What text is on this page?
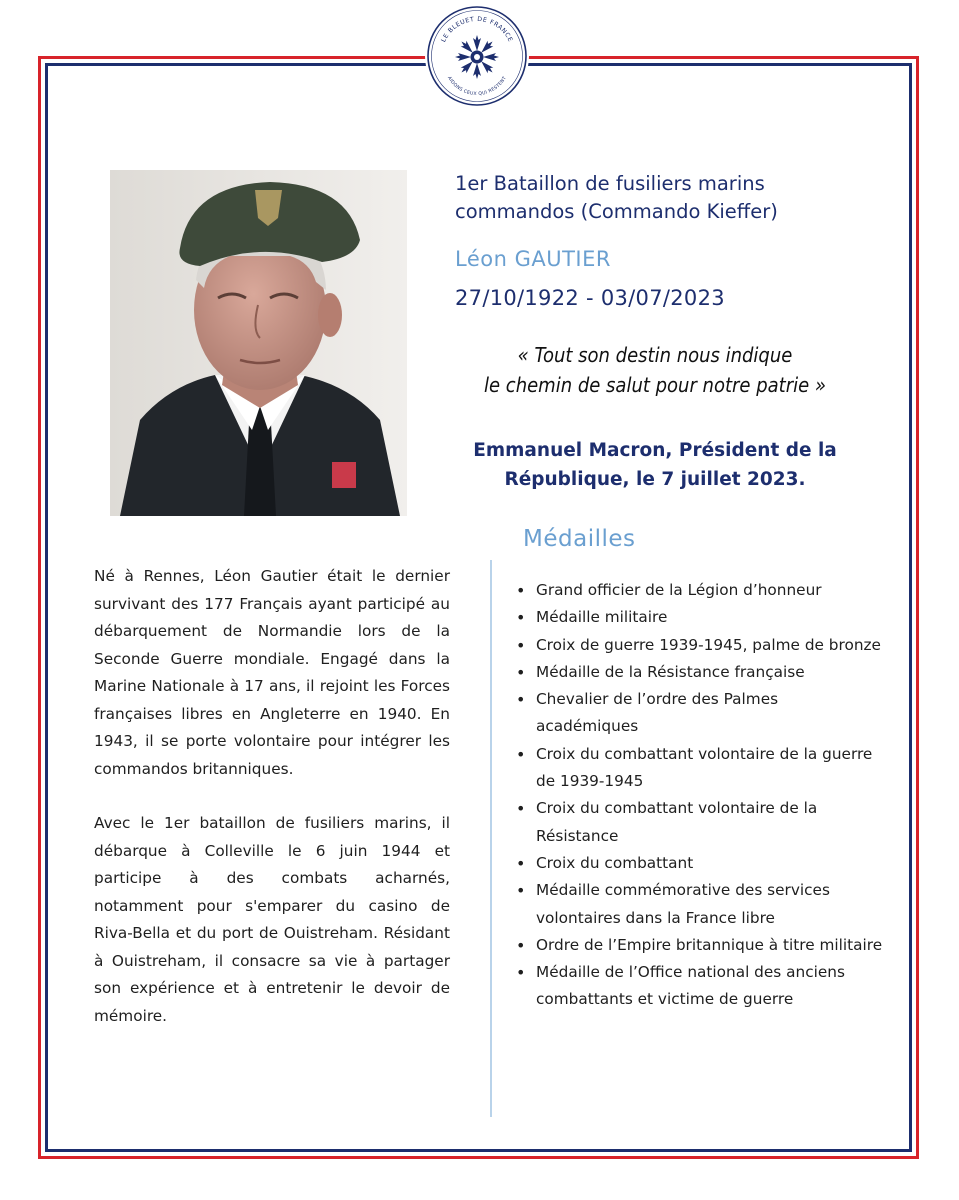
LE BLEUET DE FRANCE
AIDONS CEUX QUI RESTENT
1er Bataillon de fusiliers marins commandos (Commando Kieffer)
Léon GAUTIER
27/10/1922 - 03/07/2023
« Tout son destin nous indique
le chemin de salut pour notre patrie »
Emmanuel Macron, Président de la République, le 7 juillet 2023.

Né à Rennes, Léon Gautier était le dernier survivant des 177 Français ayant participé au débarquement de Normandie lors de la Seconde Guerre mondiale. Engagé dans la Marine Nationale à 17 ans, il rejoint les Forces françaises libres en Angleterre en 1940. En 1943, il se porte volontaire pour intégrer les commandos britanniques.

Avec le 1er bataillon de fusiliers marins, il débarque à Colleville le 6 juin 1944 et participe à des combats acharnés, notamment pour s'emparer du casino de Riva-Bella et du port de Ouistreham. Résidant à Ouistreham, il consacre sa vie à partager son expérience et à entretenir le devoir de mémoire.

Médailles
• Grand officier de la Légion d’honneur
• Médaille militaire
• Croix de guerre 1939-1945, palme de bronze
• Médaille de la Résistance française
• Chevalier de l’ordre des Palmes académiques
• Croix du combattant volontaire de la guerre de 1939-1945
• Croix du combattant volontaire de la Résistance
• Croix du combattant
• Médaille commémorative des services volontaires dans la France libre
• Ordre de l’Empire britannique à titre militaire
• Médaille de l’Office national des anciens combattants et victime de guerre
